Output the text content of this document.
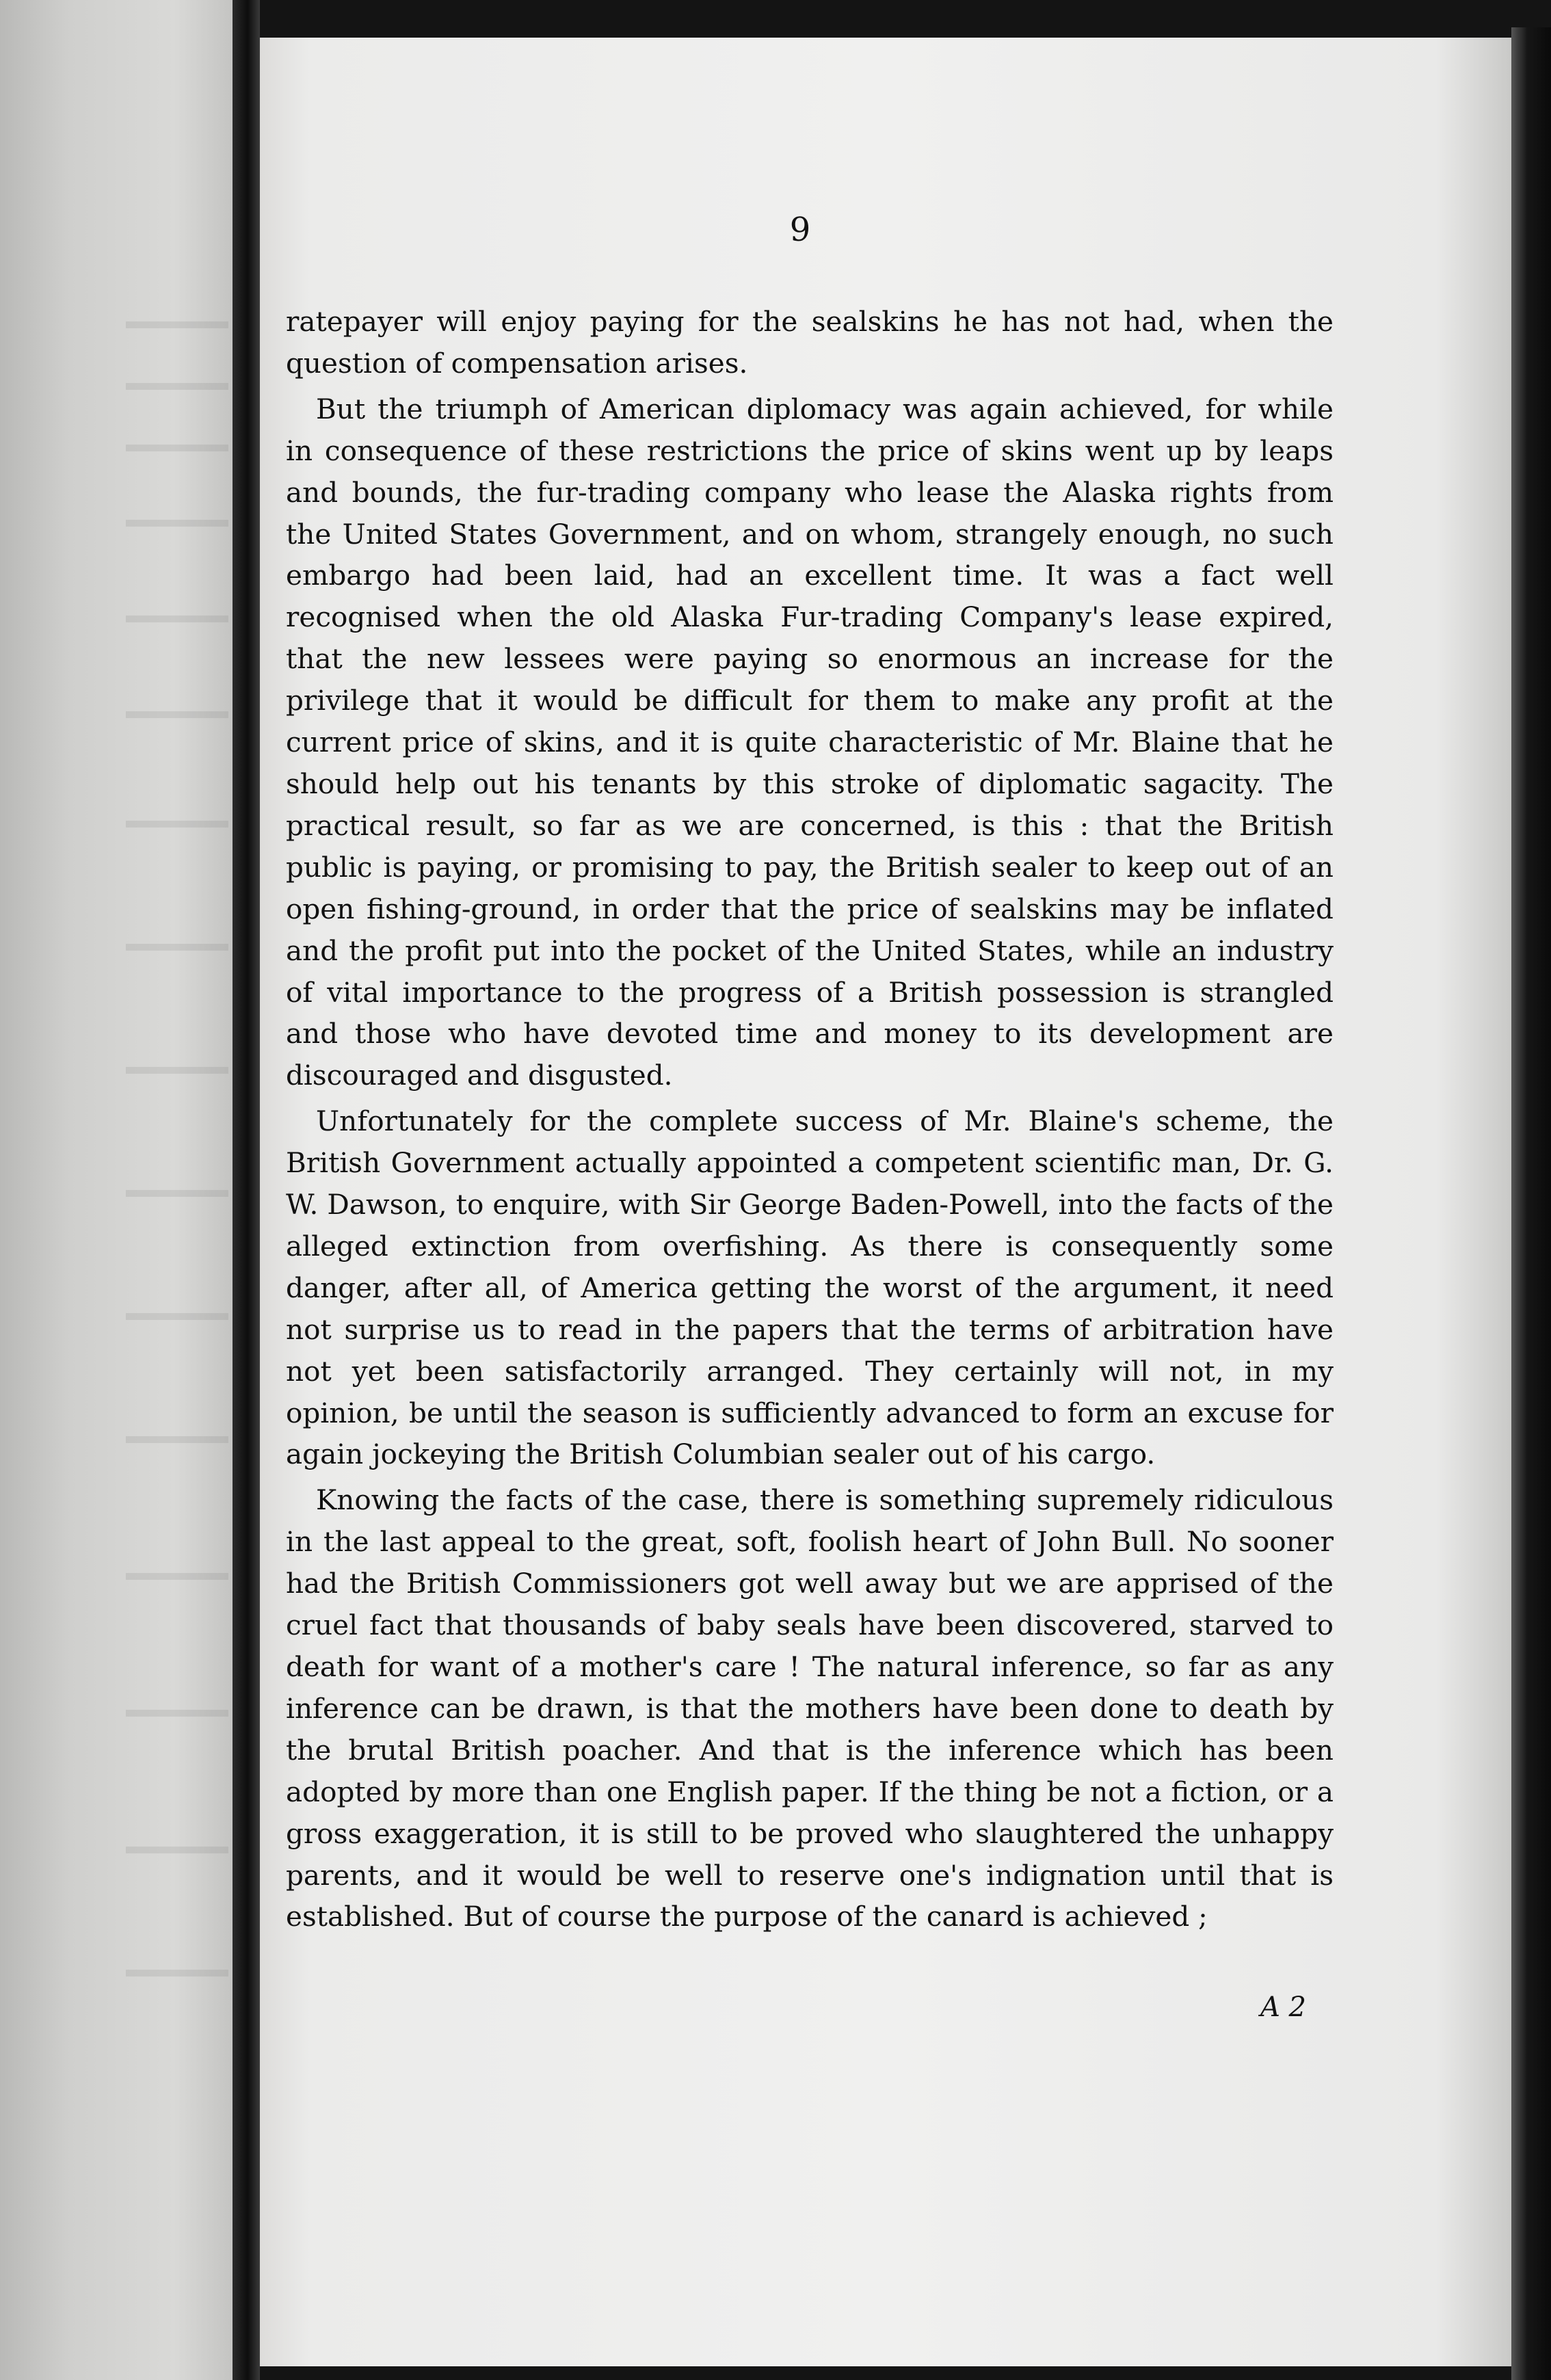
9

ratepayer will enjoy paying for the sealskins he has not had, when the question of compensation arises.

But the triumph of American diplomacy was again achieved, for while in consequence of these restrictions the price of skins went up by leaps and bounds, the fur-trading company who lease the Alaska rights from the United States Government, and on whom, strangely enough, no such embargo had been laid, had an excellent time. It was a fact well recognised when the old Alaska Fur-trading Company's lease expired, that the new lessees were paying so enormous an increase for the privilege that it would be difficult for them to make any profit at the current price of skins, and it is quite characteristic of Mr. Blaine that he should help out his tenants by this stroke of diplomatic sagacity. The practical result, so far as we are concerned, is this : that the British public is paying, or promising to pay, the British sealer to keep out of an open fishing-ground, in order that the price of sealskins may be inflated and the profit put into the pocket of the United States, while an industry of vital importance to the progress of a British possession is strangled and those who have devoted time and money to its development are discouraged and disgusted.

Unfortunately for the complete success of Mr. Blaine's scheme, the British Government actually appointed a competent scientific man, Dr. G. W. Dawson, to enquire, with Sir George Baden-Powell, into the facts of the alleged extinction from overfishing. As there is consequently some danger, after all, of America getting the worst of the argument, it need not surprise us to read in the papers that the terms of arbitration have not yet been satisfactorily arranged. They certainly will not, in my opinion, be until the season is sufficiently advanced to form an excuse for again jockeying the British Columbian sealer out of his cargo.

Knowing the facts of the case, there is something supremely ridiculous in the last appeal to the great, soft, foolish heart of John Bull. No sooner had the British Commissioners got well away but we are apprised of the cruel fact that thousands of baby seals have been discovered, starved to death for want of a mother's care ! The natural inference, so far as any inference can be drawn, is that the mothers have been done to death by the brutal British poacher. And that is the inference which has been adopted by more than one English paper. If the thing be not a fiction, or a gross exaggeration, it is still to be proved who slaughtered the unhappy parents, and it would be well to reserve one's indignation until that is established. But of course the purpose of the canard is achieved ;

A 2
